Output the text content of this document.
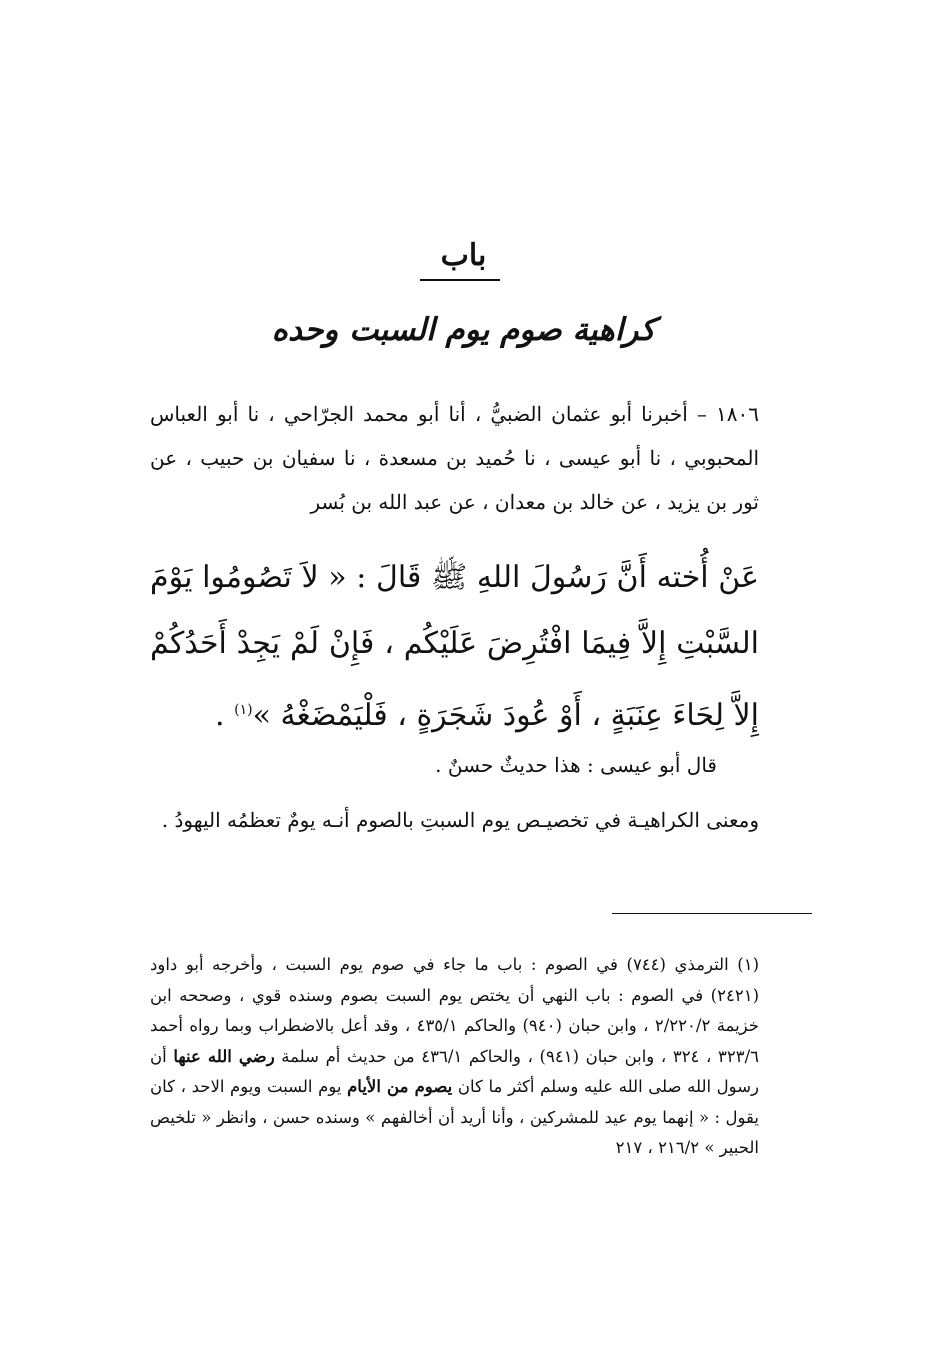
باب
كراهية صوم يوم السبت وحده
١٨٠٦ – أخبرنا أبو عثمان الضبيُّ ، أنا أبو محمد الجرّاحي ، نا أبو العباس المحبوبي ، نا أبو عيسى ، نا حُميد بن مسعدة ، نا سفيان بن حبيب ، عن ثور بن يزيد ، عن خالد بن معدان ، عن عبد الله بن بُسر
عَنْ أُخته أَنَّ رَسُولَ اللهِ ﷺ قَالَ : « لاَ تَصُومُوا يَوْمَ السَّبْتِ إِلاَّ فِيمَا افْتُرِضَ عَلَيْكُم ، فَإِنْ لَمْ يَجِدْ أَحَدُكُمْ إِلاَّ لِحَاءَ عِنَبَةٍ ، أَوْ عُودَ شَجَرَةٍ ، فَلْيَمْضَغْهُ »$^{(١)}$ .
قال أبو عيسى : هذا حديثٌ حسنٌ .
ومعنى الكراهيـة في تخصيـص يوم السبتِ بالصوم أنـه يومٌ تعظمُه اليهودُ .
(١) الترمذي (٧٤٤) في الصوم : باب ما جاء في صوم يوم السبت ، وأخرجه أبو داود (٢٤٢١) في الصوم : باب النهي أن يختص يوم السبت بصوم وسنده قوي ، وصححه ابن خزيمة ٢/٢٢٠/٢ ، وابن حبان (٩٤٠) والحاكم ٤٣٥/١ ، وقد أعل بالاضطراب وبما رواه أحمد ٣٢٣/٦ ، ٣٢٤ ، وابن حبان (٩٤١) ، والحاكم ٤٣٦/١ من حديث أم سلمة رضي الله عنها أن رسول الله صلى الله عليه وسلم أكثر ما كان يصوم من الأيام يوم السبت ويوم الاحد ، كان يقول : « إنهما يوم عيد للمشركين ، وأنا أريد أن أخالفهم » وسنده حسن ، وانظر « تلخيص الحبير » ٢١٦/٢ ، ٢١٧
